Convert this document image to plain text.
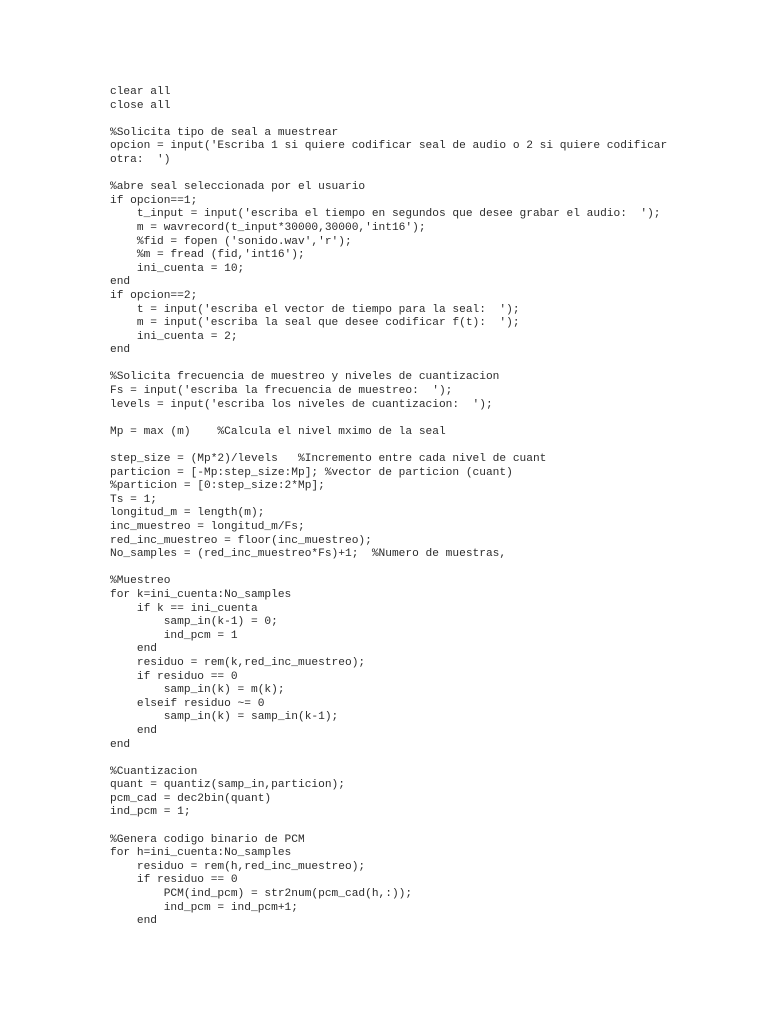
clear all
close all
%Solicita tipo de seal a muestrear
opcion = input('Escriba 1 si quiere codificar seal de audio o 2 si quiere codificar
otra:  ')
%abre seal seleccionada por el usuario
if opcion==1;
t_input = input('escriba el tiempo en segundos que desee grabar el audio:  ');
m = wavrecord(t_input*30000,30000,'int16');
%fid = fopen ('sonido.wav','r');
%m = fread (fid,'int16');
ini_cuenta = 10;
end
if opcion==2;
t = input('escriba el vector de tiempo para la seal:  ');
m = input('escriba la seal que desee codificar f(t):  ');
ini_cuenta = 2;
end
%Solicita frecuencia de muestreo y niveles de cuantizacion
Fs = input('escriba la frecuencia de muestreo:  ');
levels = input('escriba los niveles de cuantizacion:  ');
Mp = max (m)    %Calcula el nivel mximo de la seal
step_size = (Mp*2)/levels   %Incremento entre cada nivel de cuant
particion = [-Mp:step_size:Mp]; %vector de particion (cuant)
%particion = [0:step_size:2*Mp];
Ts = 1;
longitud_m = length(m);
inc_muestreo = longitud_m/Fs;
red_inc_muestreo = floor(inc_muestreo);
No_samples = (red_inc_muestreo*Fs)+1;  %Numero de muestras,
%Muestreo
for k=ini_cuenta:No_samples
if k == ini_cuenta
samp_in(k-1) = 0;
ind_pcm = 1
end
residuo = rem(k,red_inc_muestreo);
if residuo == 0
samp_in(k) = m(k);
elseif residuo ~= 0
samp_in(k) = samp_in(k-1);
end
end
%Cuantizacion
quant = quantiz(samp_in,particion);
pcm_cad = dec2bin(quant)
ind_pcm = 1;
%Genera codigo binario de PCM
for h=ini_cuenta:No_samples
residuo = rem(h,red_inc_muestreo);
if residuo == 0
PCM(ind_pcm) = str2num(pcm_cad(h,:));
ind_pcm = ind_pcm+1;
end
